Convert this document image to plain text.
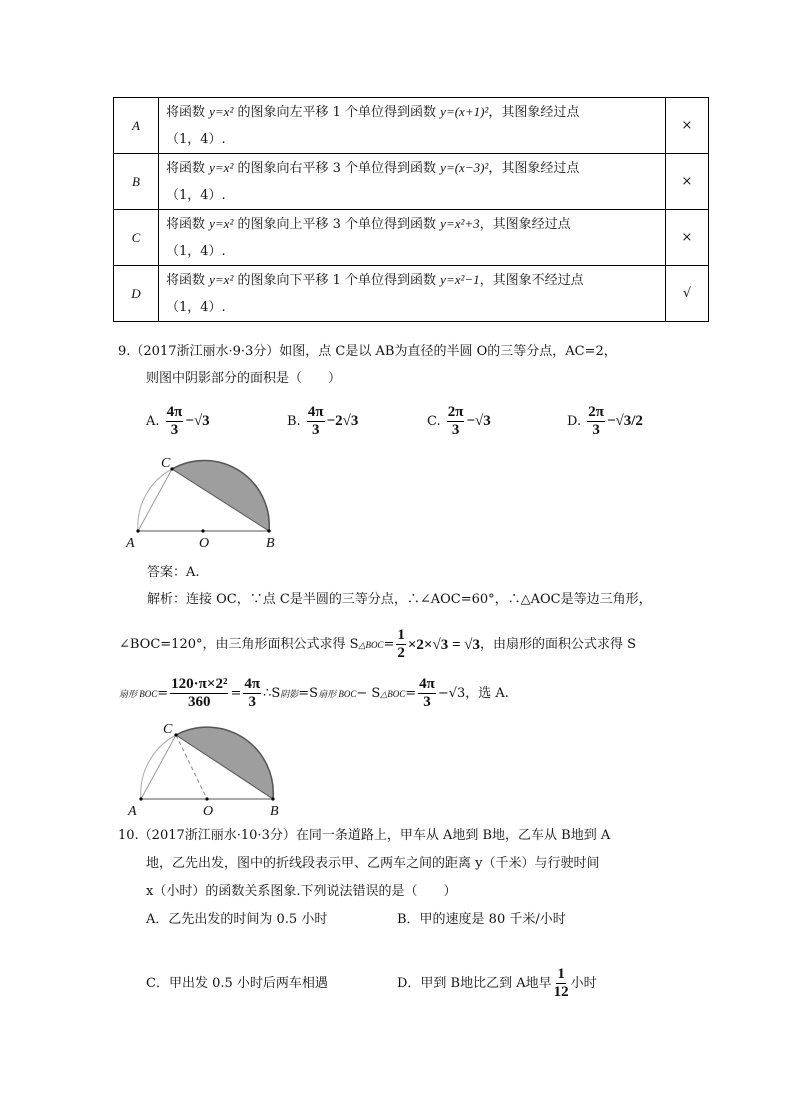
A	将函数 y=x² 的图象向左平移 1 个单位得到函数 y=(x+1)²，其图象经过点
（1，4）.	×
B	将函数 y=x² 的图象向右平移 3 个单位得到函数 y=(x−3)²，其图象经过点
（1，4）.	×
C	将函数 y=x² 的图象向上平移 3 个单位得到函数 y=x²+3，其图象经过点
（1，4）.	×
D	将函数 y=x² 的图象向下平移 1 个单位得到函数 y=x²−1，其图象不经过点
（1，4）.	√
9.（2017浙江丽水·9·3分）如图，点 C是以 AB为直径的半圆 O的三等分点，AC=2，
则图中阴影部分的面积是（　　）
A. $\frac{4\pi}{3} -√3$	B. $\frac{4\pi}{3} -2√3$	C. $\frac{2\pi}{3} -√3$	D. $\frac{2\pi}{3} -√3/2$
C
A	O	B
答案：A.
解析：连接 OC，∵点 C是半圆的三等分点，∴∠AOC=60°，∴△AOC是等边三角形，
∠BOC=120°，由三角形面积公式求得 S △BOC = $\frac{1}{2} \times 2\times√3 = √3$ ，由扇形的面积公式求得 S
扇形 BOC = $\frac{\text{120·π×2²}}{360} = \frac{4\pi}{3}$ ∴S 阴影 =S 扇形 BOC − S △BOC = $\frac{4\pi}{3} -√3$，选 A.
C
A	O	B
10.（2017浙江丽水·10·3分）在同一条道路上，甲车从 A地到 B地，乙车从 B地到 A
地，乙先出发，图中的折线段表示甲、乙两车之间的距离 y（千米）与行驶时间
x（小时）的函数关系图象.下列说法错误的是（　　）
A．乙先出发的时间为 0.5 小时	B．甲的速度是 80 千米/小时
C．甲出发 0.5 小时后两车相遇	D．甲到 B地比乙到 A地早 $\frac{1}{12}$ 小时
